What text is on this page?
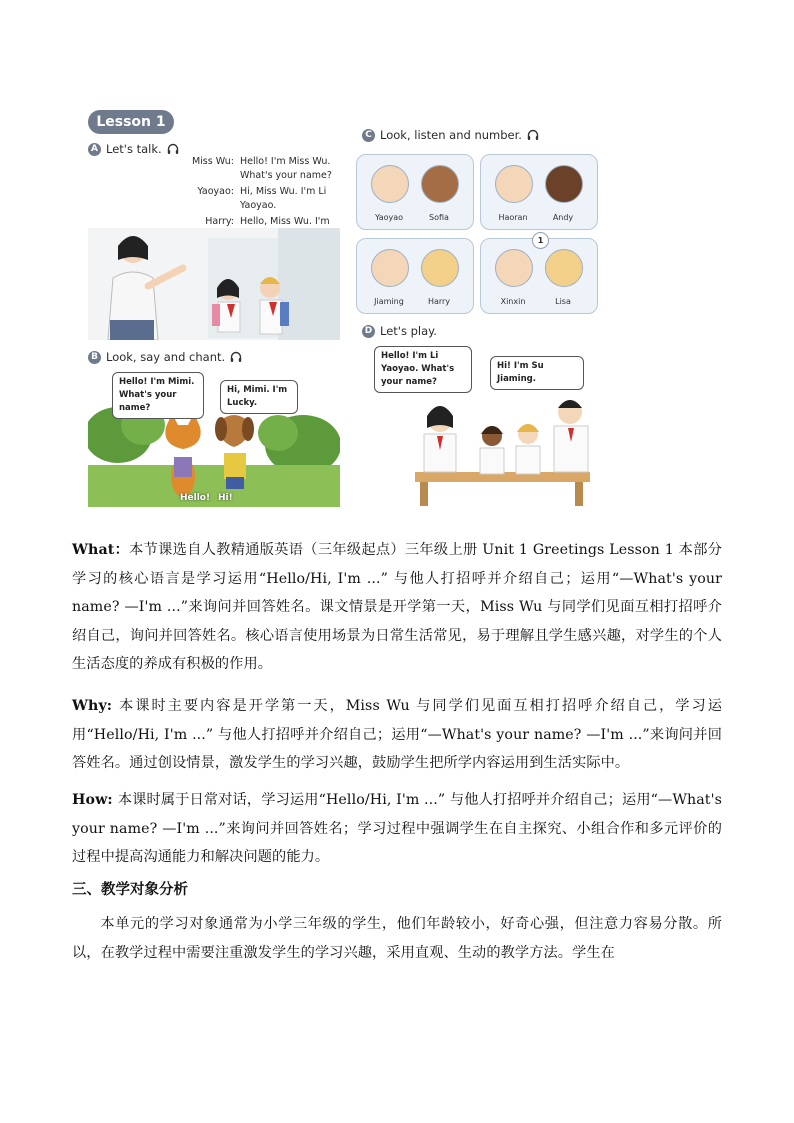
Lesson 1
A Let's talk.
Miss Wu: Hello! I'm Miss Wu. What's your name?
Yaoyao: Hi, Miss Wu. I'm Li Yaoyao.
Harry: Hello, Miss Wu. I'm
B Look, say and chant.
Hello! I'm Mimi. What's your name?
Hi, Mimi. I'm Lucky.
Hello! Hi!
C Look, listen and number.
Yaoyao	Sofia	Haoran	Andy
Jiaming	Harry	Xinxin	Lisa
1
D Let's play.
Hello! I'm Li Yaoyao. What's your name?
Hi! I'm Su Jiaming.
What：本节课选自人教精通版英语（三年级起点）三年级上册 Unit 1 Greetings Lesson 1 本部分学习的核心语言是学习运用“Hello/Hi, I'm ...” 与他人打招呼并介绍自己；运用“—What's your name? —I'm ...”来询问并回答姓名。课文情景是开学第一天，Miss Wu 与同学们见面互相打招呼介绍自己，询问并回答姓名。核心语言使用场景为日常生活常见，易于理解且学生感兴趣，对学生的个人生活态度的养成有积极的作用。
Why: 本课时主要内容是开学第一天，Miss Wu 与同学们见面互相打招呼介绍自己，学习运用“Hello/Hi, I'm ...” 与他人打招呼并介绍自己；运用“—What's your name? —I'm ...”来询问并回答姓名。通过创设情景，激发学生的学习兴趣，鼓励学生把所学内容运用到生活实际中。
How: 本课时属于日常对话，学习运用“Hello/Hi, I'm ...” 与他人打招呼并介绍自己；运用“—What's your name? —I'm ...”来询问并回答姓名；学习过程中强调学生在自主探究、小组合作和多元评价的过程中提高沟通能力和解决问题的能力。
三、教学对象分析
本单元的学习对象通常为小学三年级的学生，他们年龄较小，好奇心强，但注意力容易分散。所以，在教学过程中需要注重激发学生的学习兴趣，采用直观、生动的教学方法。学生在
